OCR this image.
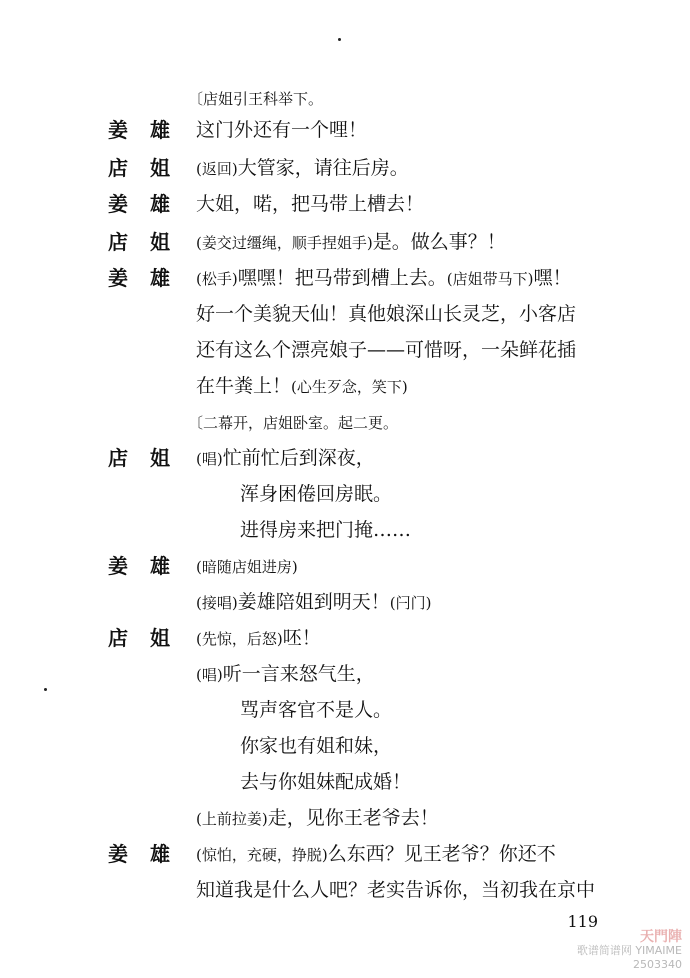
〔店姐引王科举下。
姜雄 这门外还有一个哩！
店姐 (返回)大管家，请往后房。
姜雄 大姐，喏，把马带上槽去！
店姐 (姜交过缰绳，顺手捏姐手)是。做么事？！
姜雄 (松手)嘿嘿！把马带到槽上去。(店姐带马下)嘿！
好一个美貌天仙！真他娘深山长灵芝，小客店
还有这么个漂亮娘子——可惜呀，一朵鲜花插
在牛粪上！(心生歹念，笑下)
〔二幕开，店姐卧室。起二更。
店姐 (唱)忙前忙后到深夜，
浑身困倦回房眠。
进得房来把门掩……
姜雄 (暗随店姐进房)
(接唱)姜雄陪姐到明天！(闩门)
店姐 (先惊，后怒)呸！
(唱)听一言来怒气生，
骂声客官不是人。
你家也有姐和妹，
去与你姐妹配成婚！
(上前拉姜)走，见你王老爷去！
姜雄 (惊怕，充硬，挣脱)么东西？见王老爷？你还不
知道我是什么人吧？老实告诉你，当初我在京中
119
天門陣
歌谱简谱网 YIMAIME
2503340
